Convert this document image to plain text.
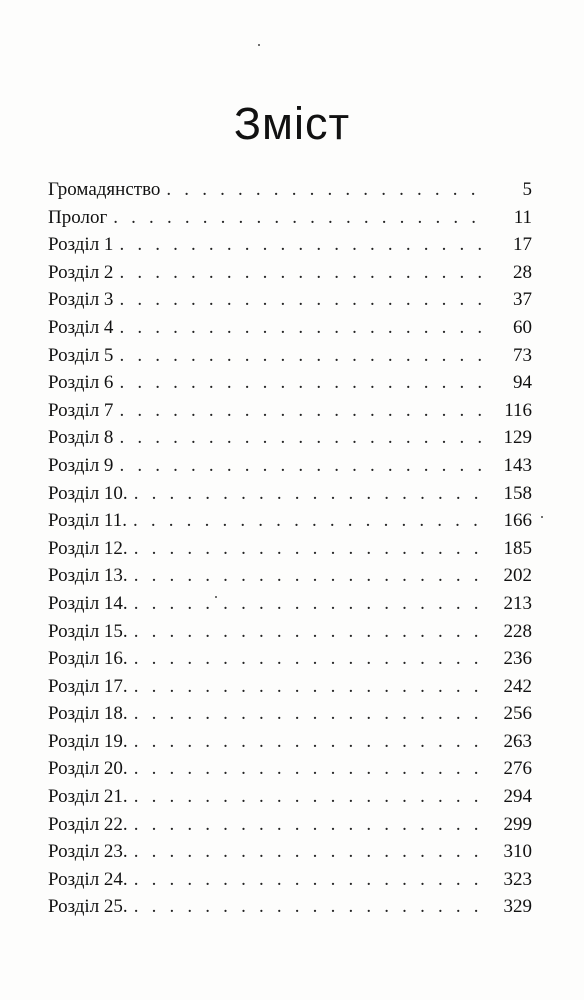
Зміст
Громадянство . . .	5
Пролог . . .	11
Розділ 1 . . .	17
Розділ 2 . . .	28
Розділ 3 . . .	37
Розділ 4 . . .	60
Розділ 5 . . .	73
Розділ 6 . . .	94
Розділ 7 . . .	116
Розділ 8 . . .	129
Розділ 9 . . .	143
Розділ 10. . . .	158
Розділ 11. . . .	166
Розділ 12. . . .	185
Розділ 13. . . .	202
Розділ 14. . . .	213
Розділ 15. . . .	228
Розділ 16. . . .	236
Розділ 17. . . .	242
Розділ 18. . . .	256
Розділ 19. . . .	263
Розділ 20. . . .	276
Розділ 21. . . .	294
Розділ 22. . . .	299
Розділ 23. . . .	310
Розділ 24. . . .	323
Розділ 25. . . .	329
